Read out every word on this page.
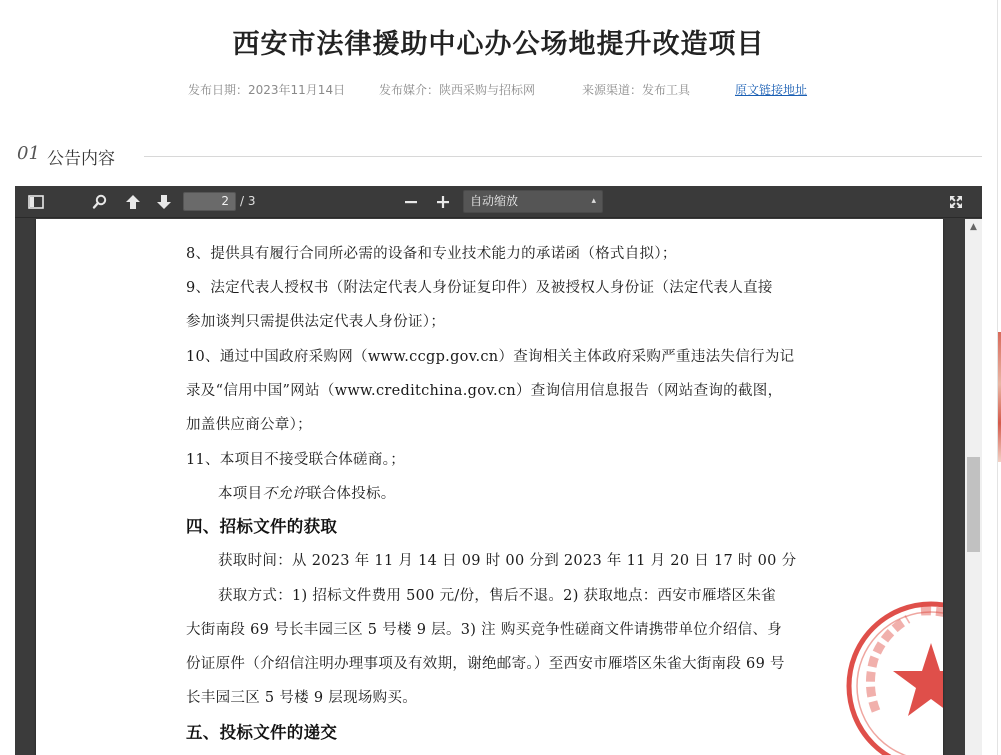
西安市法律援助中心办公场地提升改造项目
发布日期：2023年11月14日	发布媒介：陕西采购与招标网	来源渠道：发布工具	原文链接地址
01 公告内容
2 / 3	自动缩放	▴

8、提供具有履行合同所必需的设备和专业技术能力的承诺函（格式自拟）；
9、法定代表人授权书（附法定代表人身份证复印件）及被授权人身份证（法定代表人直接
参加谈判只需提供法定代表人身份证）；
10、通过中国政府采购网（www.ccgp.gov.cn）查询相关主体政府采购严重违法失信行为记
录及“信用中国”网站（www.creditchina.gov.cn）查询信用信息报告（网站查询的截图，
加盖供应商公章）；
11、本项目不接受联合体磋商。；
本项目不允许联合体投标。
四、招标文件的获取
获取时间：从 2023 年 11 月 14 日 09 时 00 分到 2023 年 11 月 20 日 17 时 00 分
获取方式：1) 招标文件费用 500 元/份，售后不退。2) 获取地点：西安市雁塔区朱雀
大街南段 69 号长丰园三区 5 号楼 9 层。3) 注 购买竞争性磋商文件请携带单位介绍信、身
份证原件（介绍信注明办理事项及有效期，谢绝邮寄。）至西安市雁塔区朱雀大街南段 69 号
长丰园三区 5 号楼 9 层现场购买。
五、投标文件的递交
▲
